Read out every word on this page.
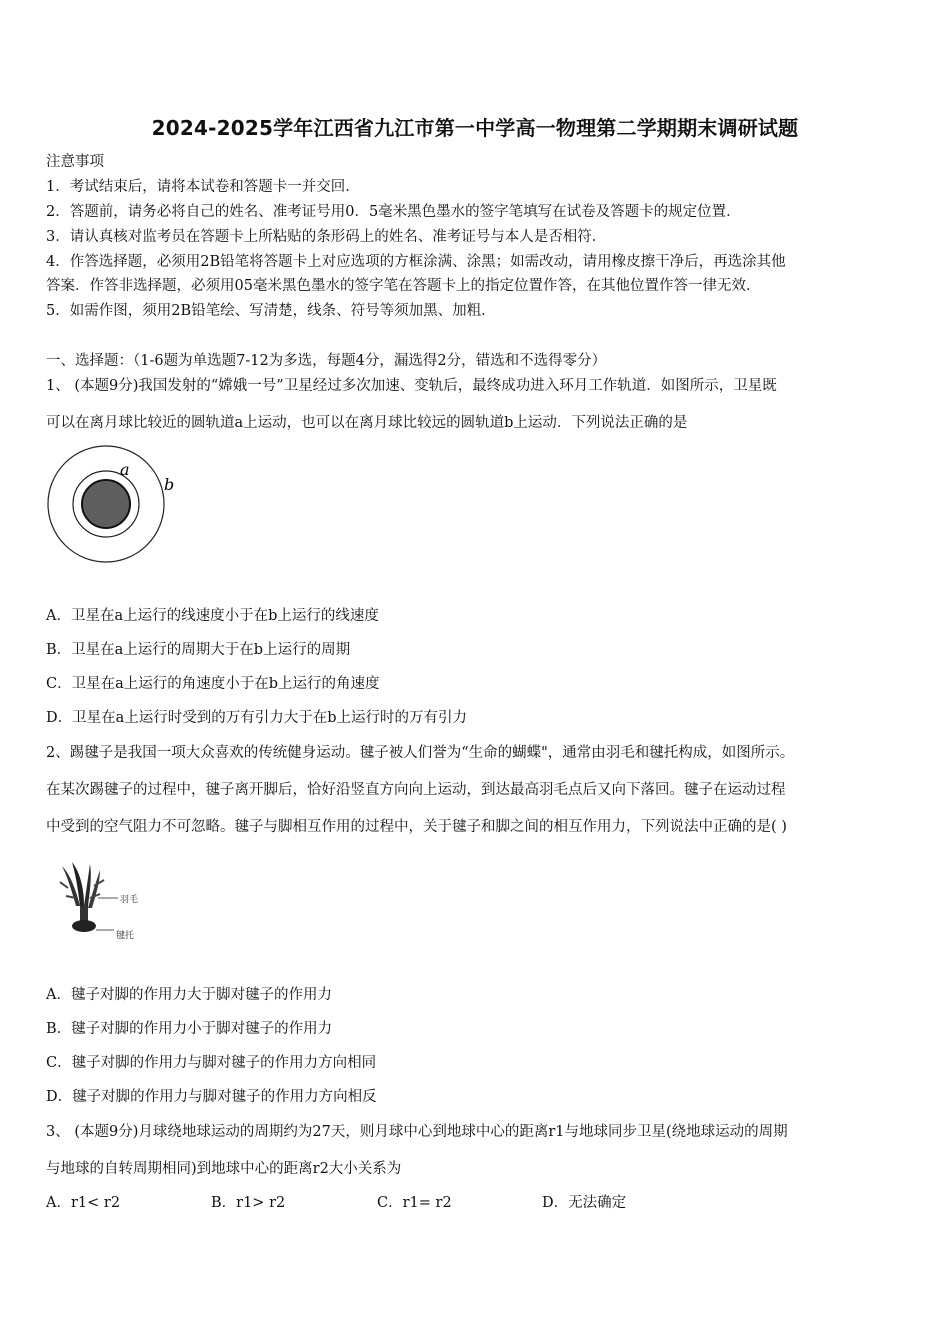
2024-2025学年江西省九江市第一中学高一物理第二学期期末调研试题
注意事项
1．考试结束后，请将本试卷和答题卡一并交回．
2．答题前，请务必将自己的姓名、准考证号用0．5毫米黑色墨水的签字笔填写在试卷及答题卡的规定位置．
3．请认真核对监考员在答题卡上所粘贴的条形码上的姓名、准考证号与本人是否相符．
4．作答选择题，必须用2B铅笔将答题卡上对应选项的方框涂满、涂黑；如需改动，请用橡皮擦干净后，再选涂其他
答案．作答非选择题，必须用05毫米黑色墨水的签字笔在答题卡上的指定位置作答，在其他位置作答一律无效．
5．如需作图，须用2B铅笔绘、写清楚，线条、符号等须加黑、加粗．
一、选择题：（1-6题为单选题7-12为多选，每题4分，漏选得2分，错选和不选得零分）
1、 (本题9分)我国发射的“嫦娥一号”卫星经过多次加速、变轨后，最终成功进入环月工作轨道．如图所示，卫星既
可以在离月球比较近的圆轨道a上运动，也可以在离月球比较远的圆轨道b上运动．下列说法正确的是
a
b
A．卫星在a上运行的线速度小于在b上运行的线速度
B．卫星在a上运行的周期大于在b上运行的周期
C．卫星在a上运行的角速度小于在b上运行的角速度
D．卫星在a上运行时受到的万有引力大于在b上运行时的万有引力
2、踢毽子是我国一项大众喜欢的传统健身运动。毽子被人们誉为“生命的蝴蝶"，通常由羽毛和毽托构成，如图所示。
在某次踢毽子的过程中，毽子离开脚后，恰好沿竖直方向向上运动，到达最高羽毛点后又向下落回。毽子在运动过程
中受到的空气阻力不可忽略。毽子与脚相互作用的过程中，关于毽子和脚之间的相互作用力，下列说法中正确的是( )
羽毛
毽托
A．毽子对脚的作用力大于脚对毽子的作用力
B．毽子对脚的作用力小于脚对毽子的作用力
C．毽子对脚的作用力与脚对毽子的作用力方向相同
D．毽子对脚的作用力与脚对毽子的作用力方向相反
3、 (本题9分)月球绕地球运动的周期约为27天，则月球中心到地球中心的距离r1与地球同步卫星(绕地球运动的周期
与地球的自转周期相同)到地球中心的距离r2大小关系为
A．r1< r2	B．r1> r2	C．r1= r2	D．无法确定
